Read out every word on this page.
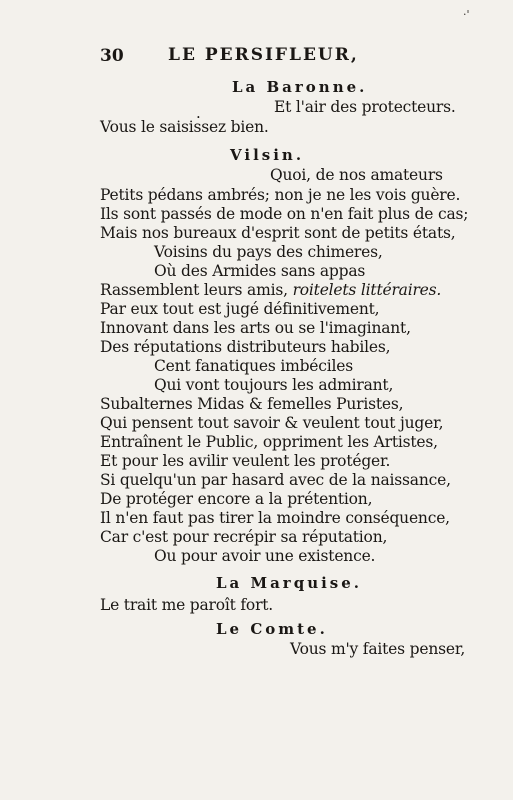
·'
30	LE PERSIFLEUR,
La Baronne.
.	Et l'air des protecteurs.
Vous le saisissez bien.
Vilsin.
Quoi, de nos amateurs
Petits pédans ambrés; non je ne les vois guère.
Ils sont passés de mode on n'en fait plus de cas;
Mais nos bureaux d'esprit sont de petits états,
Voisins du pays des chimeres,
Où des Armides sans appas
Rassemblent leurs amis, roitelets littéraires.
Par eux tout est jugé définitivement,
Innovant dans les arts ou se l'imaginant,
Des réputations distributeurs habiles,
Cent fanatiques imbéciles
Qui vont toujours les admirant,
Subalternes Midas & femelles Puristes,
Qui pensent tout savoir & veulent tout juger,
Entraînent le Public, oppriment les Artistes,
Et pour les avilir veulent les protéger.
Si quelqu'un par hasard avec de la naissance,
De protéger encore a la prétention,
Il n'en faut pas tirer la moindre conséquence,
Car c'est pour recrépir sa réputation,
Ou pour avoir une existence.
La Marquise.
Le trait me paroît fort.
Le Comte.
Vous m'y faites penser,
